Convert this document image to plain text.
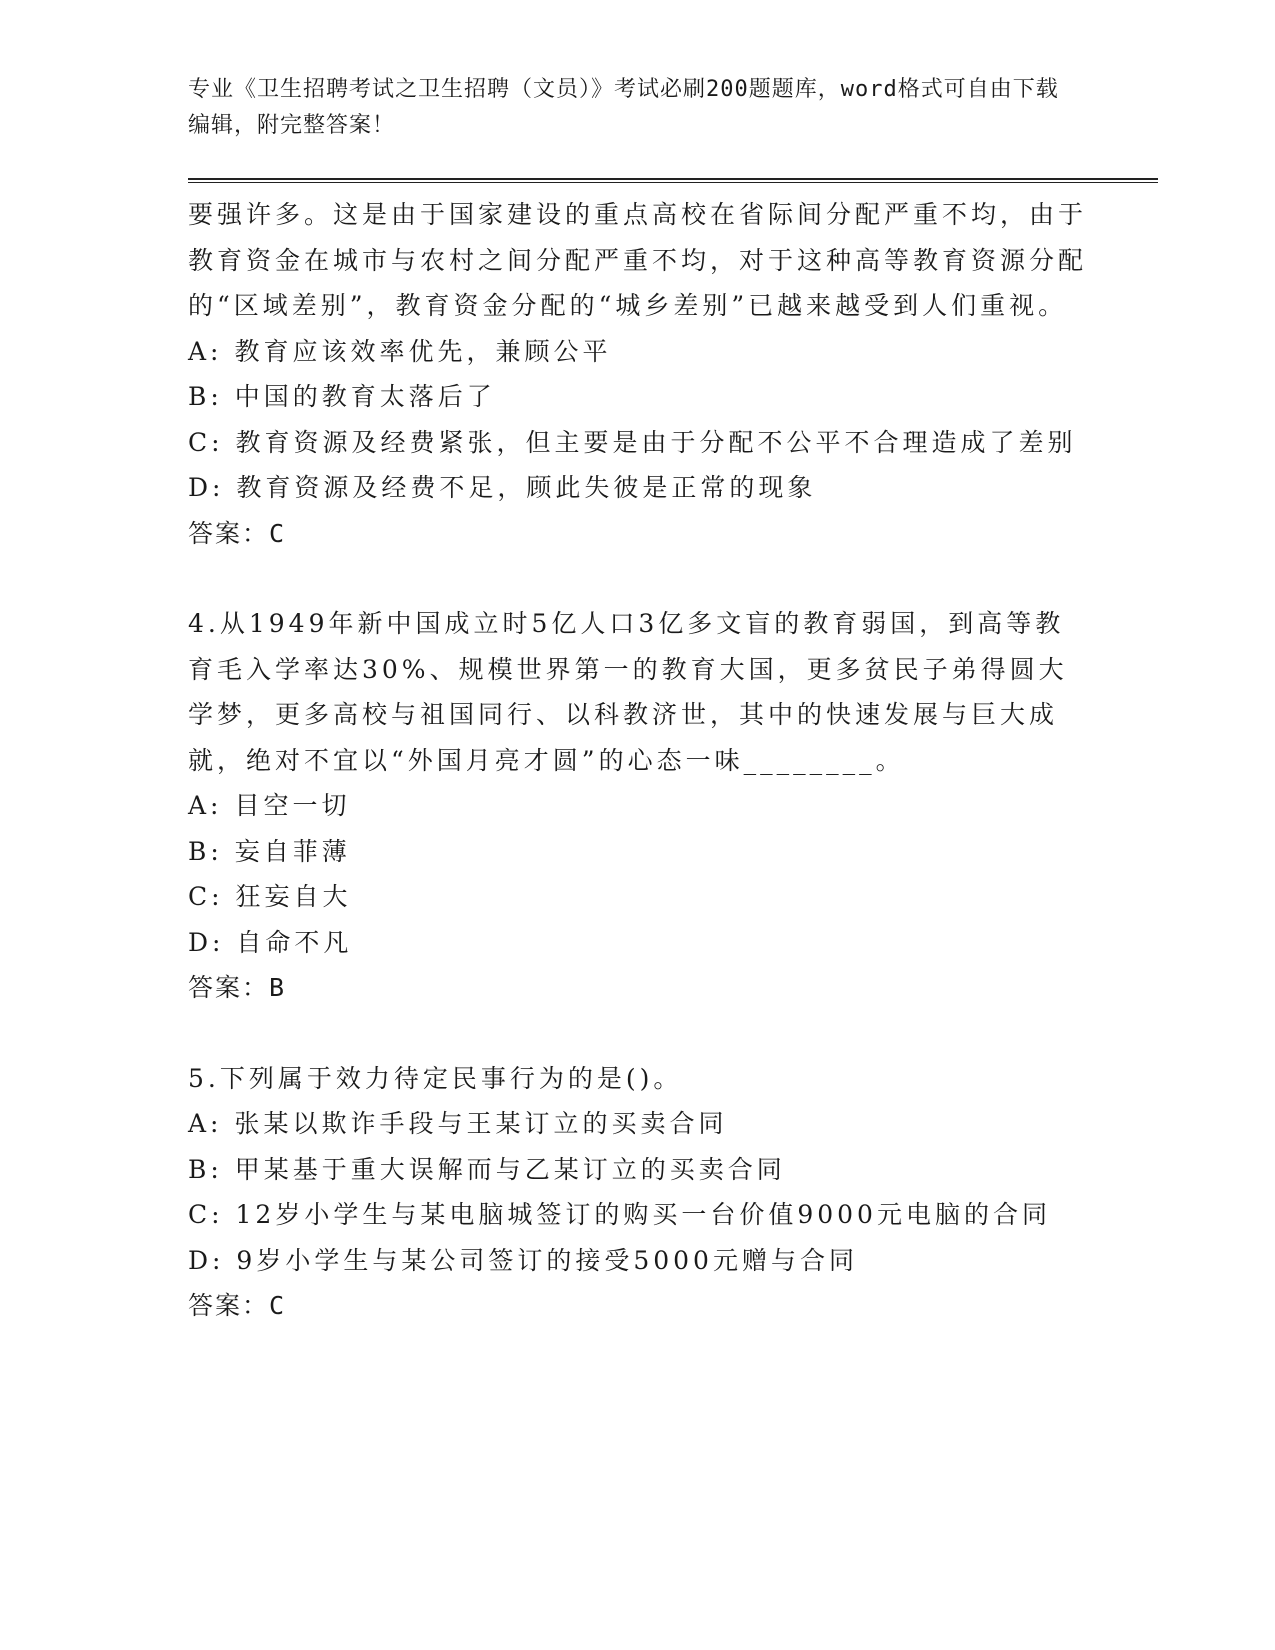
专业《卫生招聘考试之卫生招聘（文员）》考试必刷200题题库，word格式可自由下载编辑，附完整答案！

要强许多。这是由于国家建设的重点高校在省际间分配严重不均，由于教育资金在城市与农村之间分配严重不均，对于这种高等教育资源分配的“区域差别”，教育资金分配的“城乡差别”已越来越受到人们重视。

A: 教育应该效率优先，兼顾公平

B: 中国的教育太落后了

C: 教育资源及经费紧张，但主要是由于分配不公平不合理造成了差别

D: 教育资源及经费不足，顾此失彼是正常的现象

答案：C

4.从1949年新中国成立时5亿人口3亿多文盲的教育弱国，到高等教育毛入学率达30%、规模世界第一的教育大国，更多贫民子弟得圆大学梦，更多高校与祖国同行、以科教济世，其中的快速发展与巨大成就，绝对不宜以“外国月亮才圆”的心态一味________。

A: 目空一切

B: 妄自菲薄

C: 狂妄自大

D: 自命不凡

答案：B

5.下列属于效力待定民事行为的是()。

A: 张某以欺诈手段与王某订立的买卖合同

B: 甲某基于重大误解而与乙某订立的买卖合同

C: 12岁小学生与某电脑城签订的购买一台价值9000元电脑的合同

D: 9岁小学生与某公司签订的接受5000元赠与合同

答案：C
